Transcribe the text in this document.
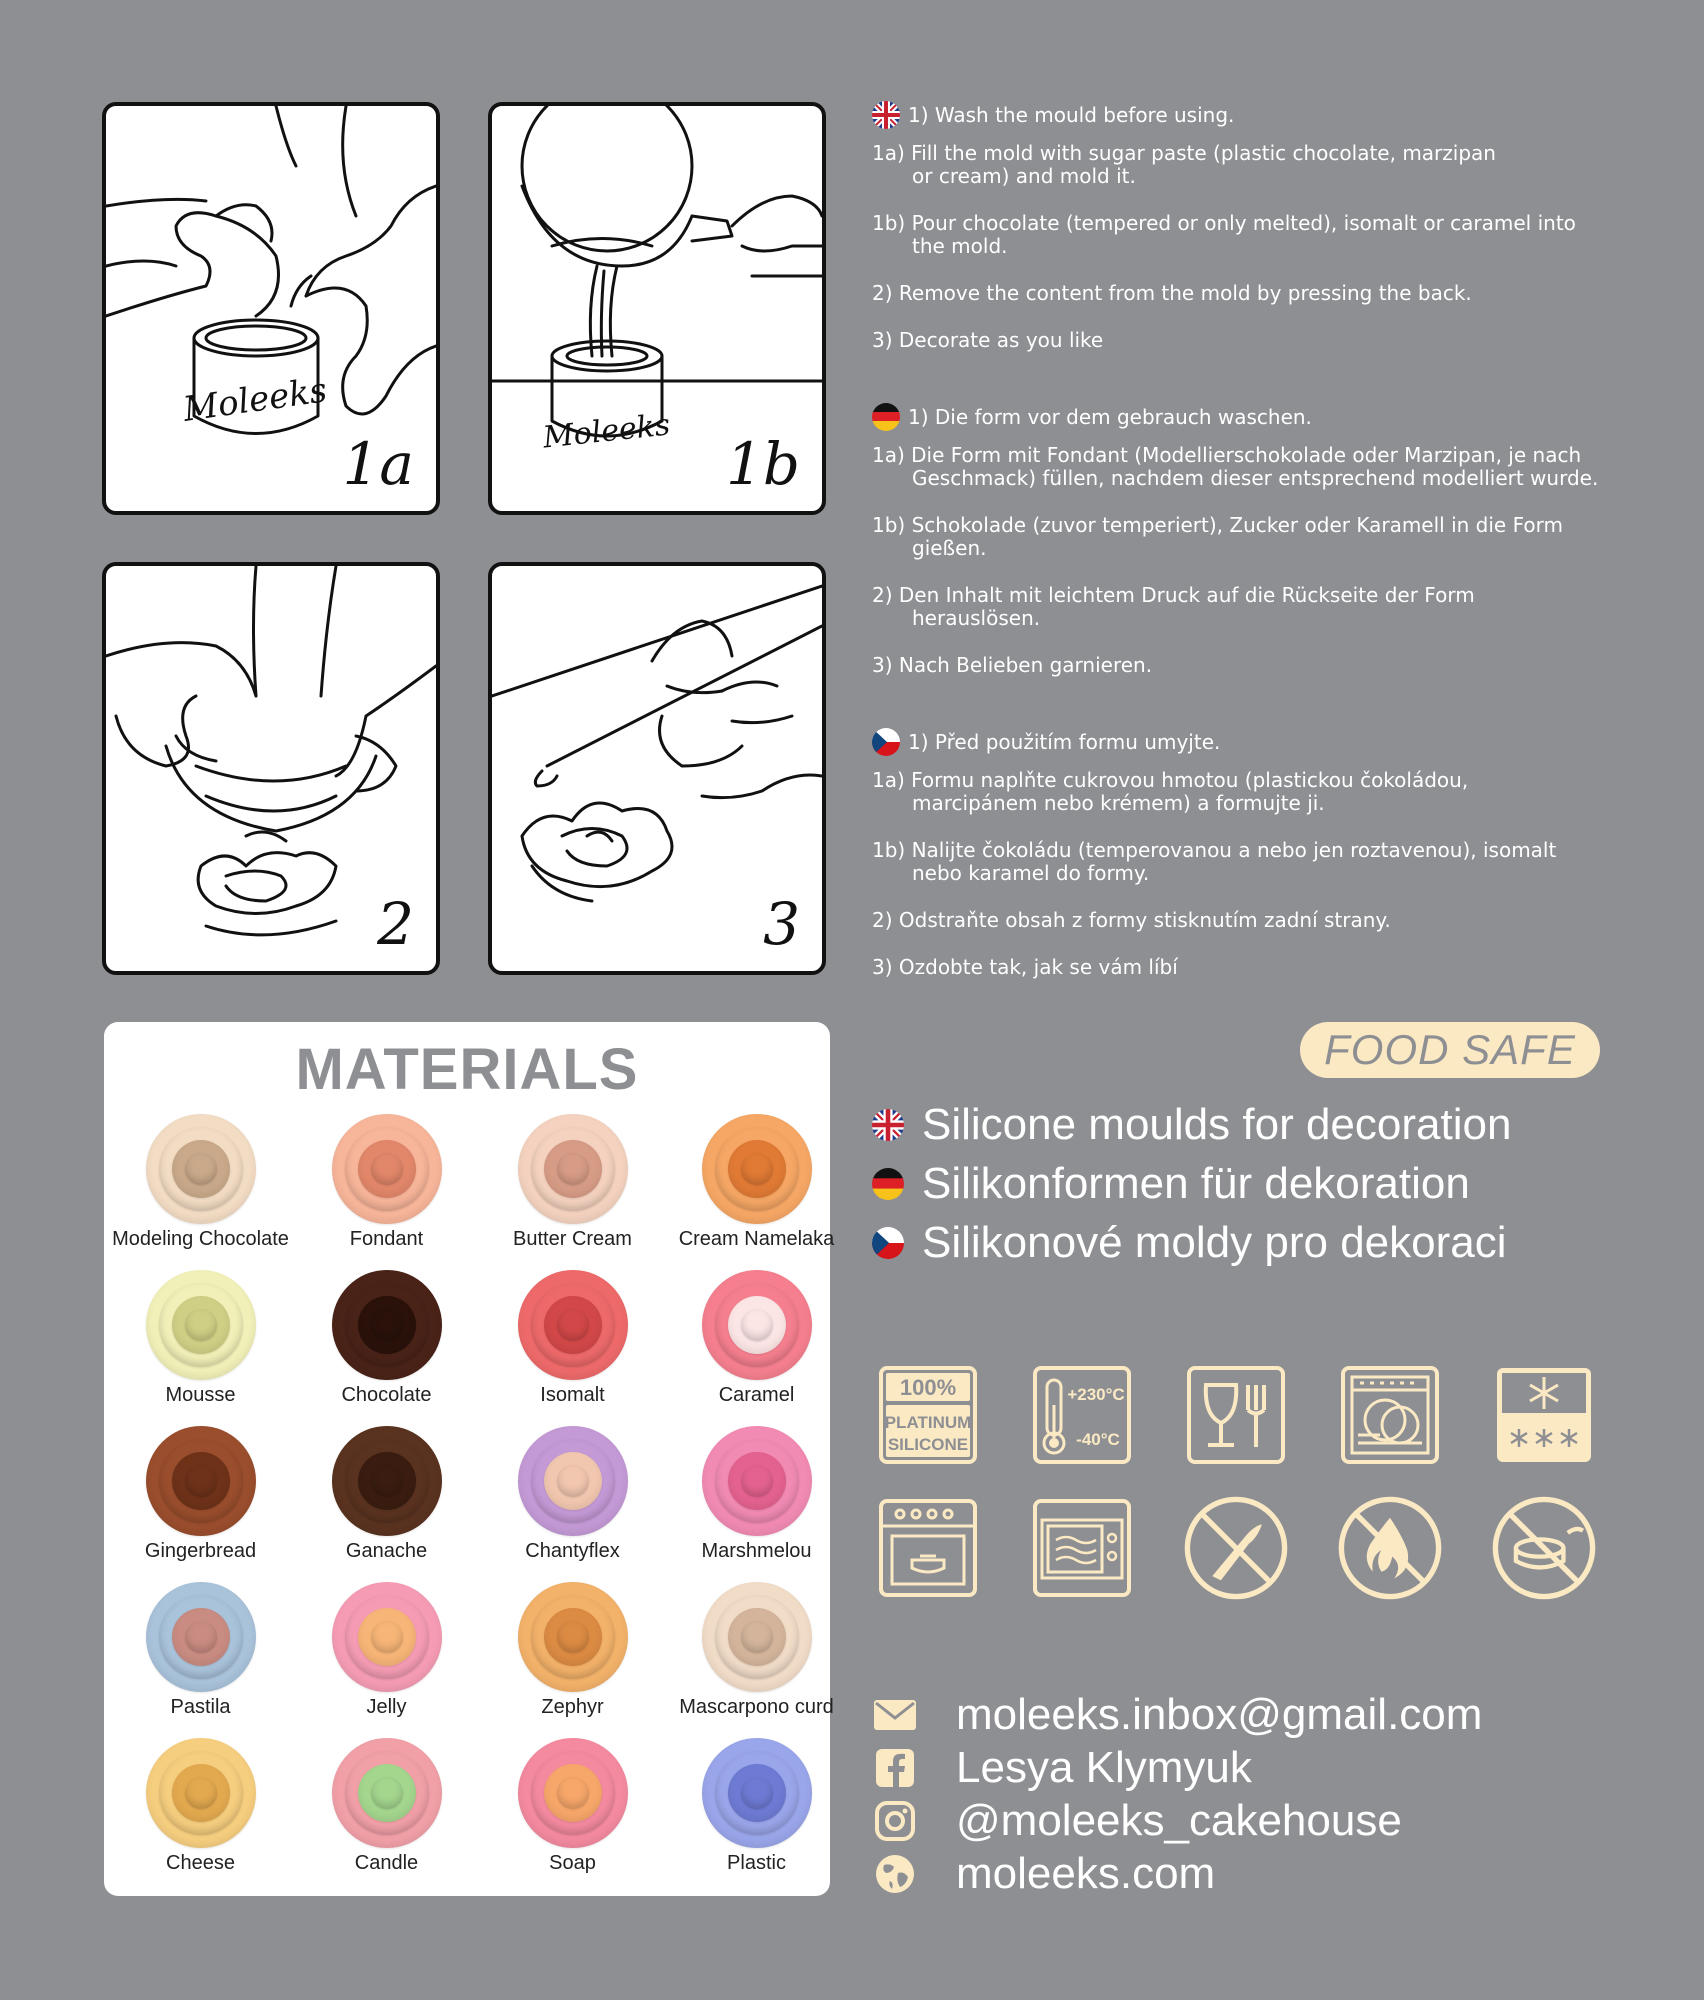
Moleeks
1a	Moleeks 1b
2	3
1) Wash the mould before using.
1a) Fill the mold with sugar paste (plastic chocolate, marzipan
or cream) and mold it.
1b) Pour chocolate (tempered or only melted), isomalt or caramel into
the mold.
2) Remove the content from the mold by pressing the back.
3) Decorate as you like
1) Die form vor dem gebrauch waschen.
1a) Die Form mit Fondant (Modellierschokolade oder Marzipan, je nach
Geschmack) füllen, nachdem dieser entsprechend modelliert wurde.
1b) Schokolade (zuvor temperiert), Zucker oder Karamell in die Form
gießen.
2) Den Inhalt mit leichtem Druck auf die Rückseite der Form
herauslösen.
3) Nach Belieben garnieren.
1) Před použitím formu umyjte.
1a) Formu naplňte cukrovou hmotou (plastickou čokoládou,
marcipánem nebo krémem) a formujte ji.
1b) Nalijte čokoládu (temperovanou a nebo jen roztavenou), isomalt
nebo karamel do formy.
2) Odstraňte obsah z formy stisknutím zadní strany.
3) Ozdobte tak, jak se vám líbí
MATERIALS
Modeling Chocolate	Fondant	Butter Cream	Cream Namelaka
Mousse	Chocolate	Isomalt	Caramel
Gingerbread	Ganache	Chantyflex	Marshmelou
Pastila	Jelly	Zephyr	Mascarpono curd
Cheese	Candle	Soap	Plastic
FOOD SAFE
Silicone moulds for decoration
Silikonformen für dekoration
Silikonové moldy pro dekoraci
100%
PLATINUM
SILICONE
+230°C
-40°C
moleeks.inbox@gmail.com
Lesya Klymyuk
@moleeks_cakehouse
moleeks.com
